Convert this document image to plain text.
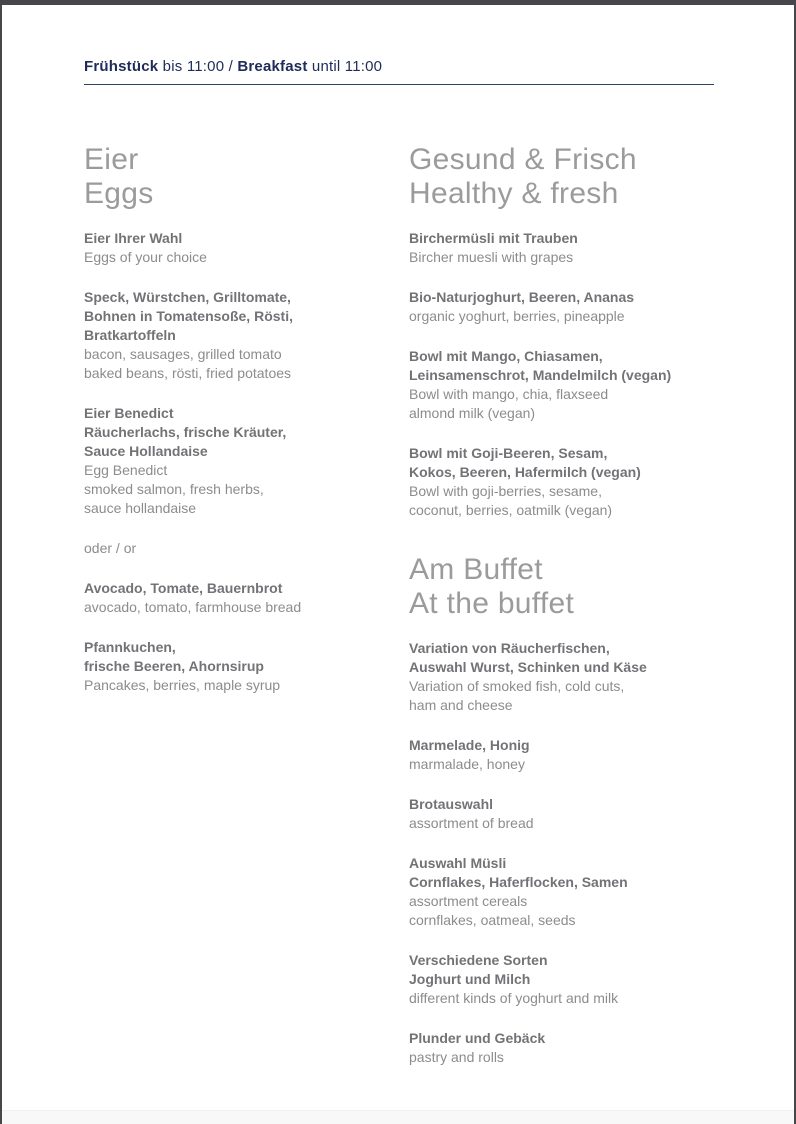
Frühstück bis 11:00 / Breakfast until 11:00
Eier
Eggs
Eier Ihrer Wahl
Eggs of your choice
Speck, Würstchen, Grilltomate,
Bohnen in Tomatensoße, Rösti,
Bratkartoffeln
bacon, sausages, grilled tomato
baked beans, rösti, fried potatoes
Eier Benedict
Räucherlachs, frische Kräuter,
Sauce Hollandaise
Egg Benedict
smoked salmon, fresh herbs,
sauce hollandaise
oder / or
Avocado, Tomate, Bauernbrot
avocado, tomato, farmhouse bread
Pfannkuchen,
frische Beeren, Ahornsirup
Pancakes, berries, maple syrup
Gesund & Frisch
Healthy & fresh
Birchermüsli mit Trauben
Bircher muesli with grapes
Bio-Naturjoghurt, Beeren, Ananas
organic yoghurt, berries, pineapple
Bowl mit Mango, Chiasamen,
Leinsamenschrot, Mandelmilch (vegan)
Bowl with mango, chia, flaxseed
almond milk (vegan)
Bowl mit Goji-Beeren, Sesam,
Kokos, Beeren, Hafermilch (vegan)
Bowl with goji-berries, sesame,
coconut, berries, oatmilk (vegan)
Am Buffet
At the buffet
Variation von Räucherfischen,
Auswahl Wurst, Schinken und Käse
Variation of smoked fish, cold cuts,
ham and cheese
Marmelade, Honig
marmalade, honey
Brotauswahl
assortment of bread
Auswahl Müsli
Cornflakes, Haferflocken, Samen
assortment cereals
cornflakes, oatmeal, seeds
Verschiedene Sorten
Joghurt und Milch
different kinds of yoghurt and milk
Plunder und Gebäck
pastry and rolls
